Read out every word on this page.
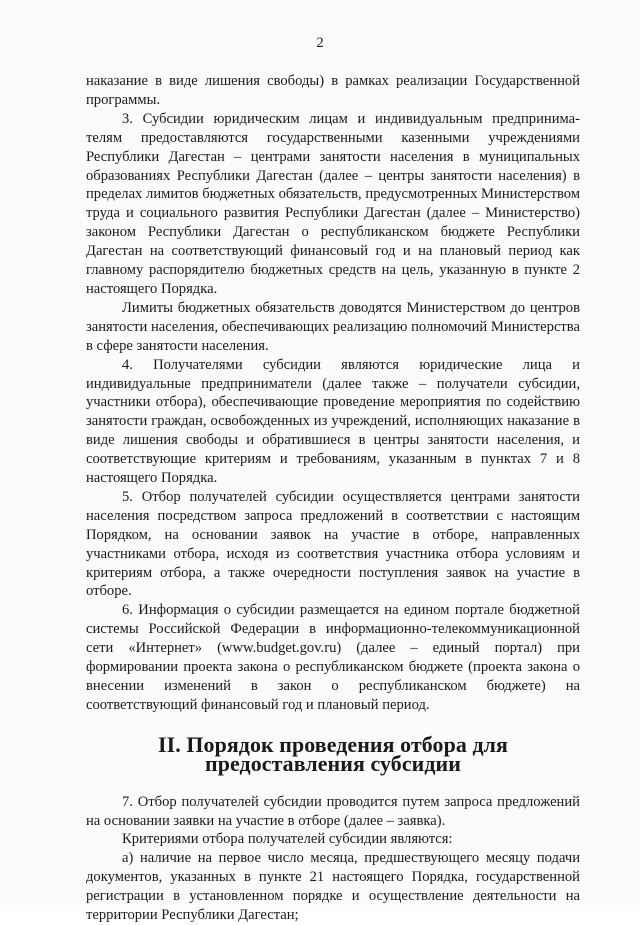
2

наказание в виде лишения свободы) в рамках реализации Государственной программы.

3. Субсидии юридическим лицам и индивидуальным предпринима- телям предоставляются государственными казенными учреждениями Республики Дагестан – центрами занятости населения в муниципальных образованиях Республики Дагестан (далее – центры занятости населения) в пределах лимитов бюджетных обязательств, предусмотренных Министерством труда и социального развития Республики Дагестан (далее – Министерство) законом Республики Дагестан о республиканском бюджете Республики Дагестан на соответствующий финансовый год и на плановый период как главному распорядителю бюджетных средств на цель, указанную в пункте 2 настоящего Порядка.

Лимиты бюджетных обязательств доводятся Министерством до центров занятости населения, обеспечивающих реализацию полномочий Министерства в сфере занятости населения.

4. Получателями субсидии являются юридические лица и индивидуальные предприниматели (далее также – получатели субсидии, участники отбора), обеспечивающие проведение мероприятия по содействию занятости граждан, освобожденных из учреждений, исполняющих наказание в виде лишения свободы и обратившиеся в центры занятости населения, и соответствующие критериям и требованиям, указанным в пунктах 7 и 8 настоящего Порядка.

5. Отбор получателей субсидии осуществляется центрами занятости населения посредством запроса предложений в соответствии с настоящим Порядком, на основании заявок на участие в отборе, направленных участниками отбора, исходя из соответствия участника отбора условиям и критериям отбора, а также очередности поступления заявок на участие в отборе.

6. Информация о субсидии размещается на едином портале бюджетной системы Российской Федерации в информационно-телекоммуникационной сети «Интернет» (www.budget.gov.ru) (далее – единый портал) при формировании проекта закона о республиканском бюджете (проекта закона о внесении изменений в закон о республиканском бюджете) на соответствующий финансовый год и плановый период.

II. Порядок проведения отбора для предоставления субсидии

7. Отбор получателей субсидии проводится путем запроса предложений на основании заявки на участие в отборе (далее – заявка).

Критериями отбора получателей субсидии являются:

а) наличие на первое число месяца, предшествующего месяцу подачи документов, указанных в пункте 21 настоящего Порядка, государственной регистрации в установленном порядке и осуществление деятельности на территории Республики Дагестан;
